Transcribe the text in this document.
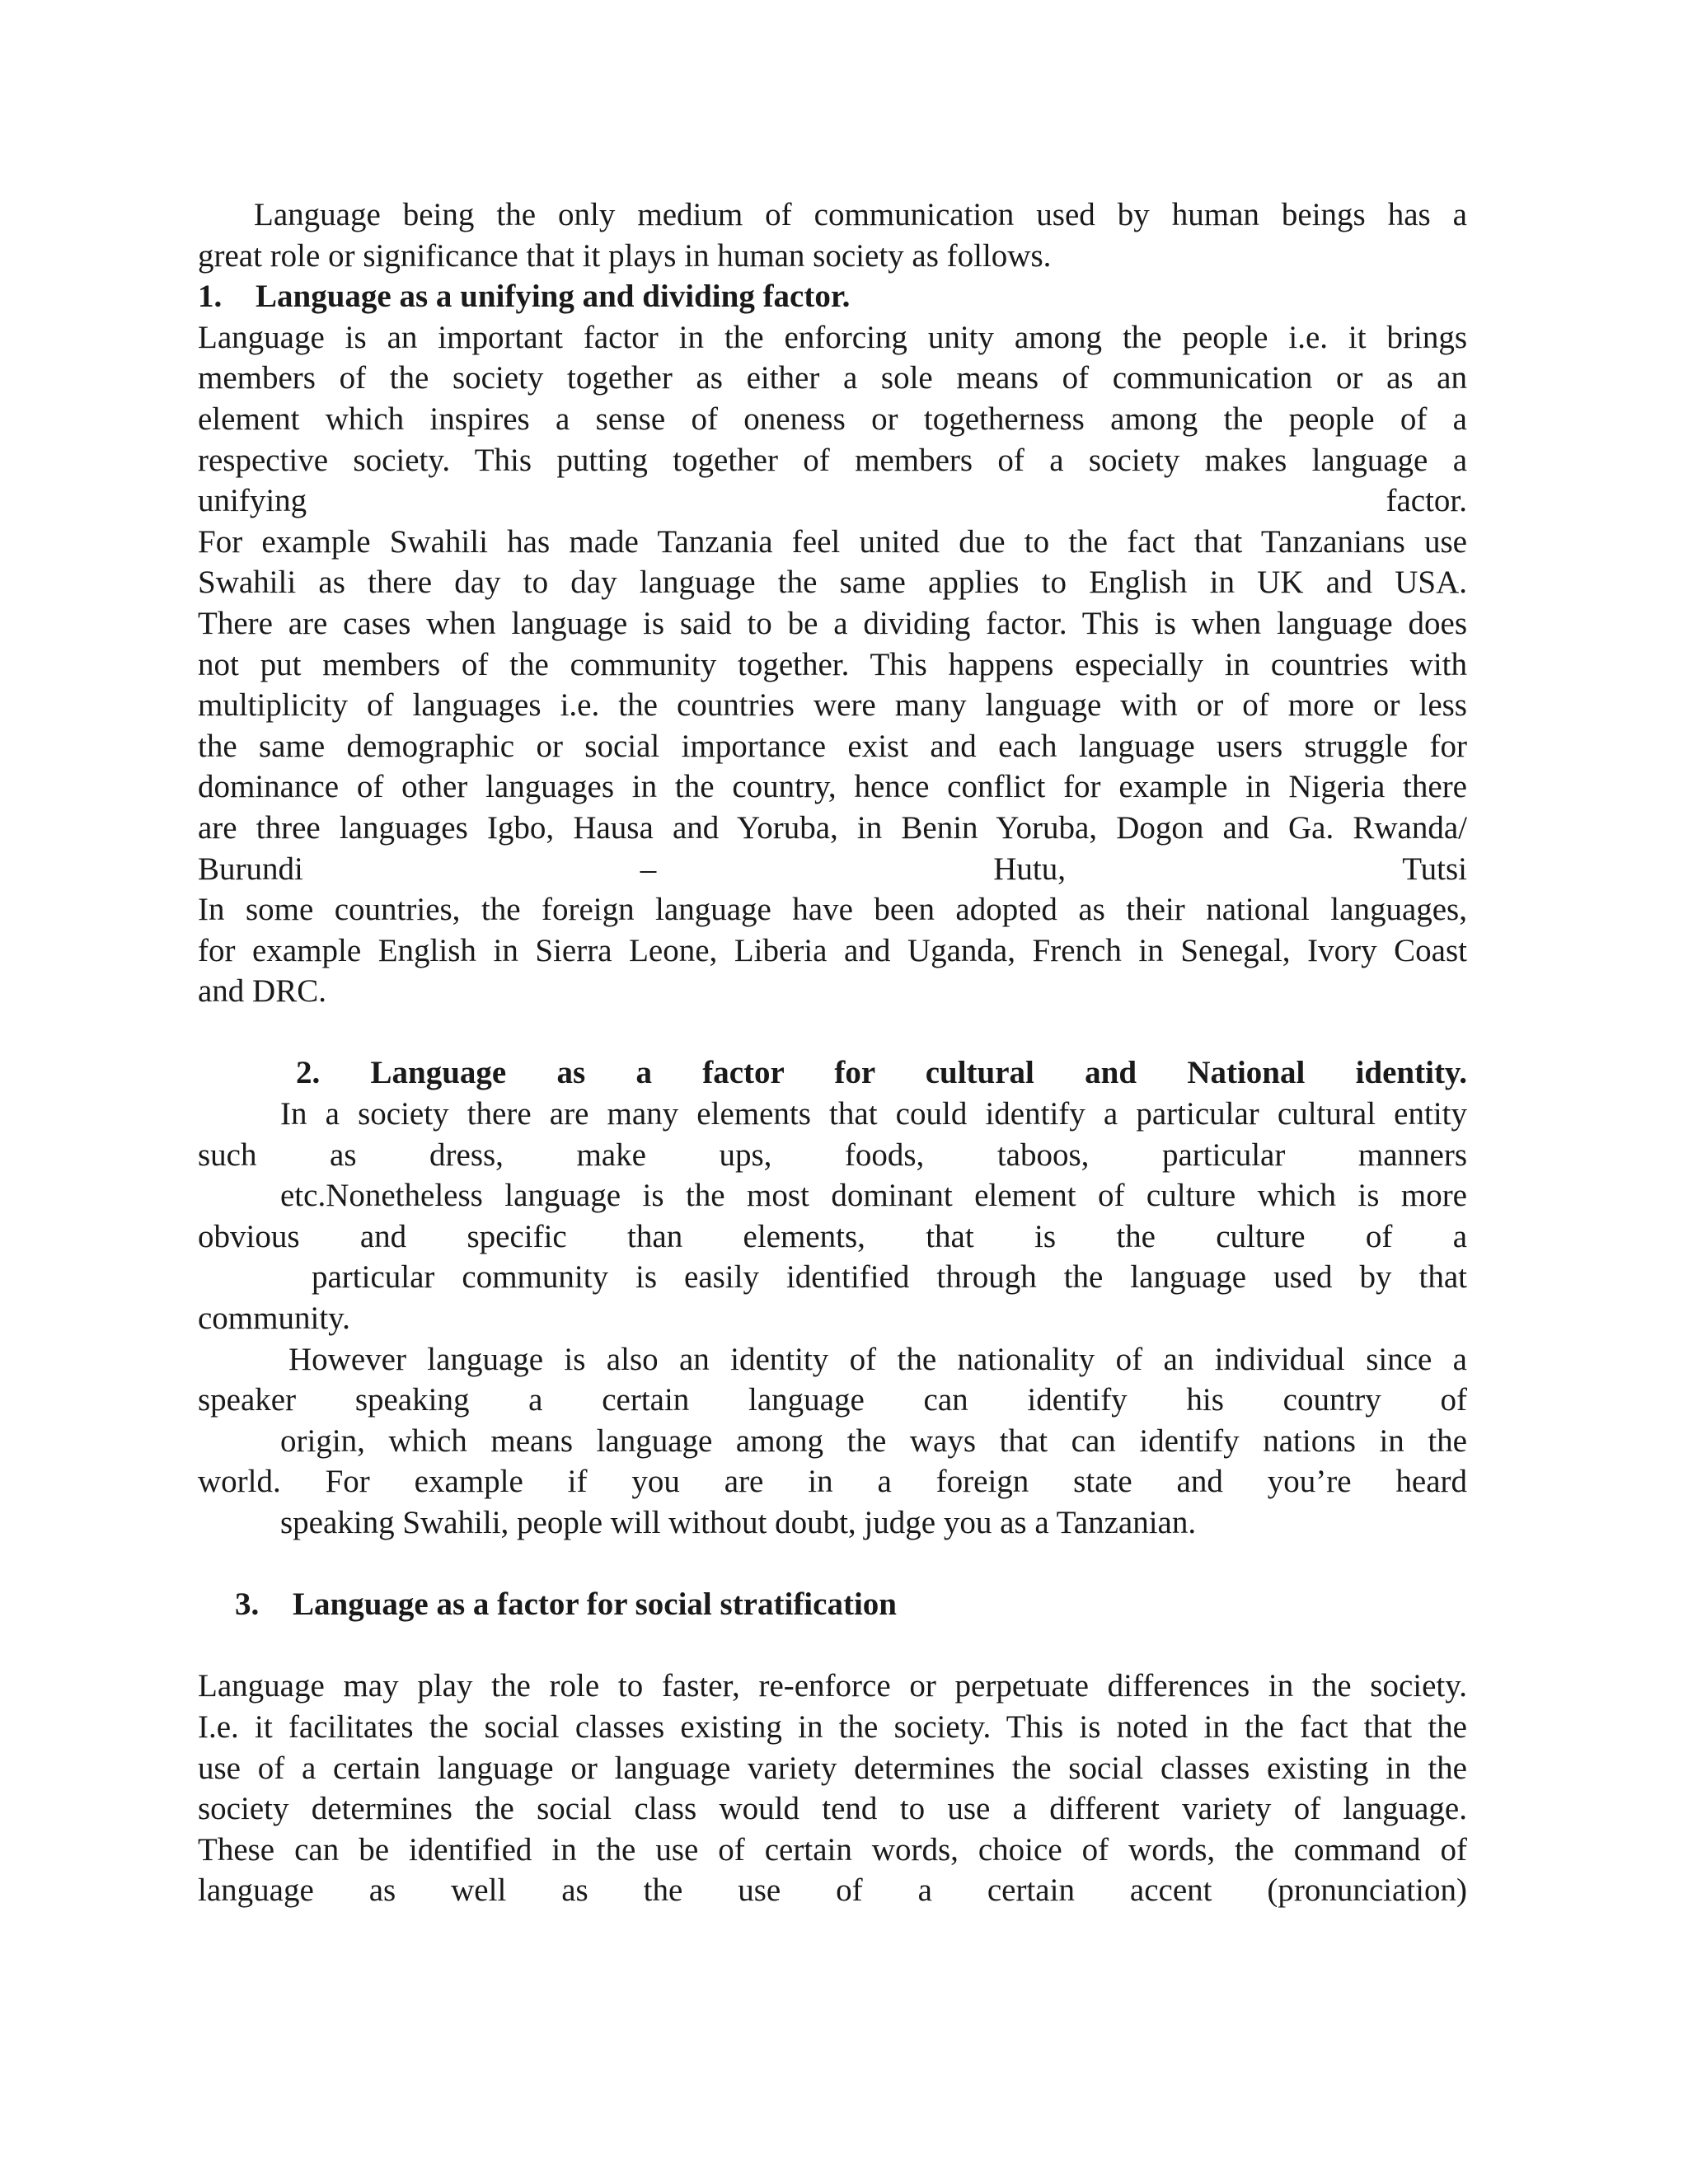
Language being the only medium of communication used by human beings has a
great role or significance that it plays in human society as follows.
1. Language as a unifying and dividing factor.
Language is an important factor in the enforcing unity among the people i.e. it brings
members of the society together as either a sole means of communication or as an
element which inspires a sense of oneness or togetherness among the people of a
respective society. This putting together of members of a society makes language a
unifying	factor.
For example Swahili has made Tanzania feel united due to the fact that Tanzanians use
Swahili as there day to day language the same applies to English in UK and USA.
There are cases when language is said to be a dividing factor. This is when language does
not put members of the community together. This happens especially in countries with
multiplicity of languages i.e. the countries were many language with or of more or less
the same demographic or social importance exist and each language users struggle for
dominance of other languages in the country, hence conflict for example in Nigeria there
are three languages Igbo, Hausa and Yoruba, in Benin Yoruba, Dogon and Ga. Rwanda/
Burundi	–	Hutu,	Tutsi
In some countries, the foreign language have been adopted as their national languages,
for example English in Sierra Leone, Liberia and Uganda, French in Senegal, Ivory Coast
and DRC.
2. Language as a factor for cultural and National identity.
In a society there are many elements that could identify a particular cultural entity
such as dress, make ups, foods, taboos, particular manners
etc.Nonetheless language is the most dominant element of culture which is more
obvious and specific than elements, that is the culture of a
particular community is easily identified through the language used by that
community.
However language is also an identity of the nationality of an individual since a
speaker speaking a certain language can identify his country of
origin, which means language among the ways that can identify nations in the
world. For example if you are in a foreign state and you’re heard
speaking Swahili, people will without doubt, judge you as a Tanzanian.
3. Language as a factor for social stratification
Language may play the role to faster, re-enforce or perpetuate differences in the society.
I.e. it facilitates the social classes existing in the society. This is noted in the fact that the
use of a certain language or language variety determines the social classes existing in the
society determines the social class would tend to use a different variety of language.
These can be identified in the use of certain words, choice of words, the command of
language as well as the use of a certain accent (pronunciation)
